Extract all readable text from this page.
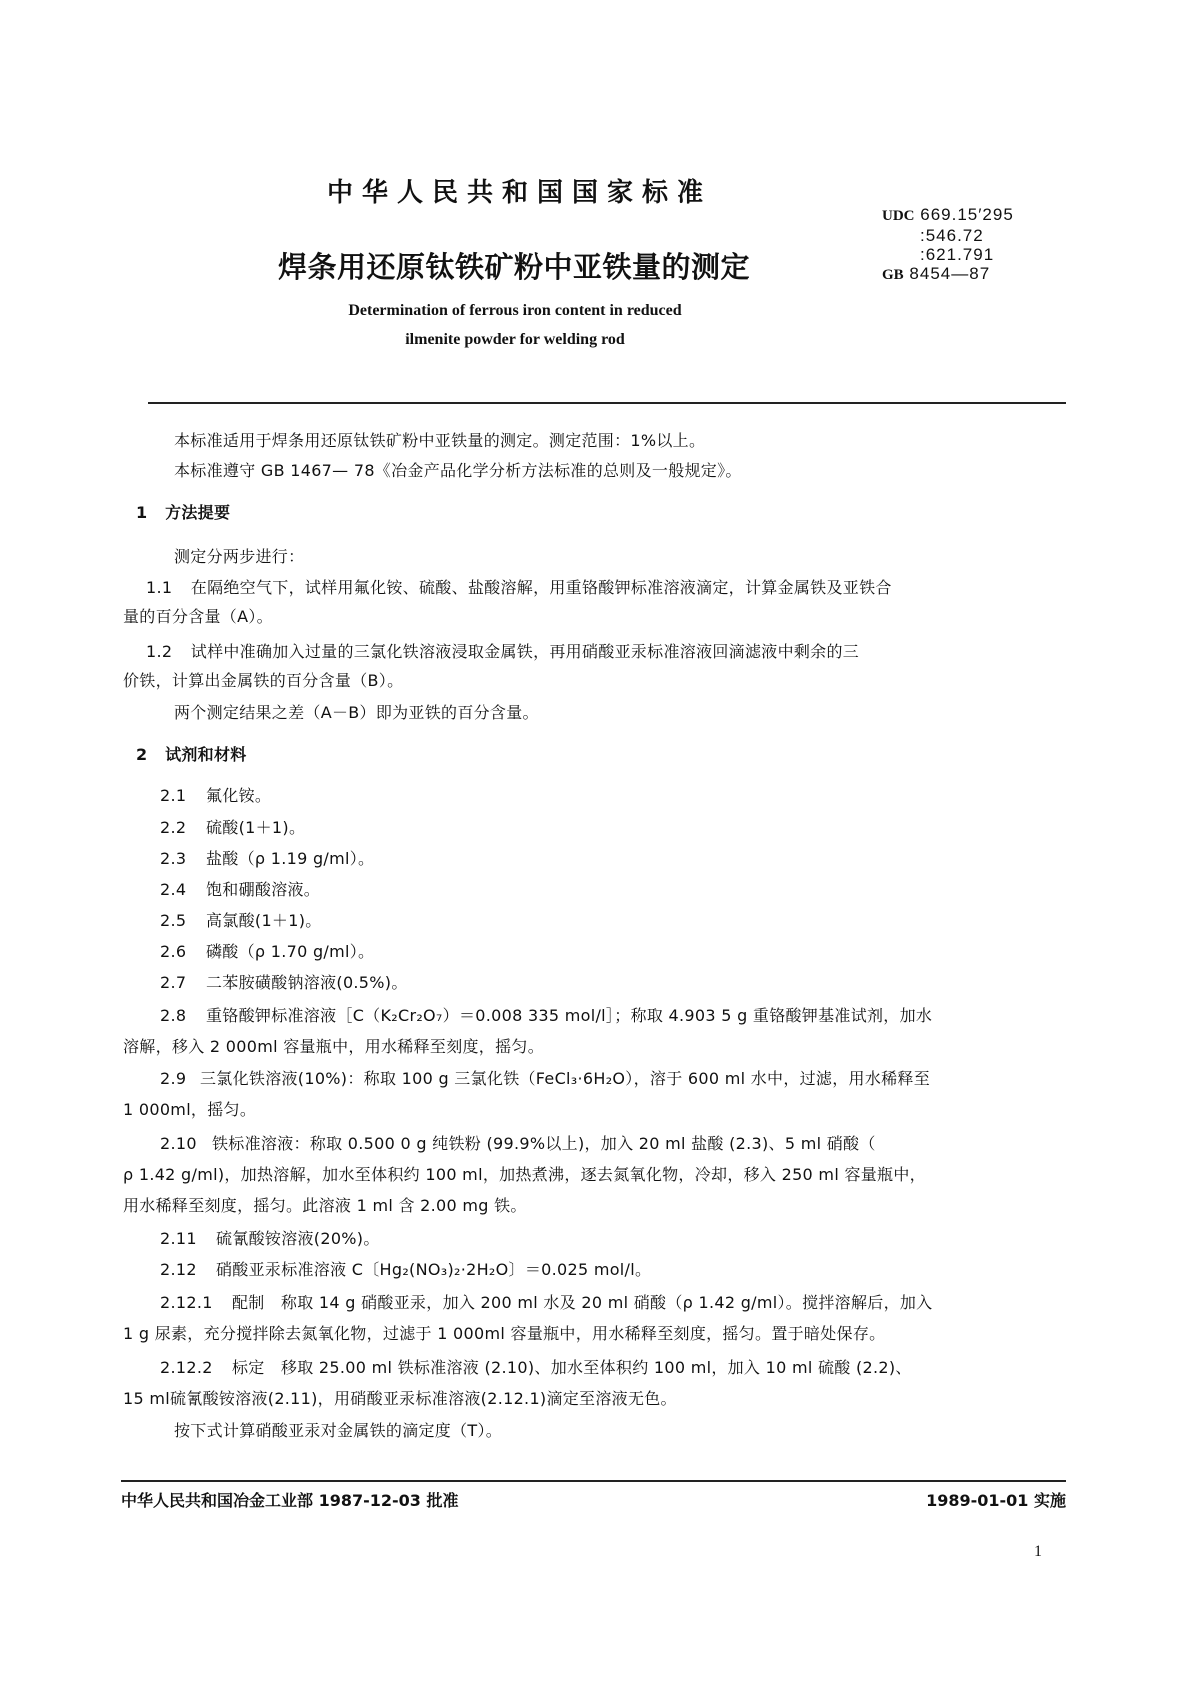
中华人民共和国国家标准
焊条用还原钛铁矿粉中亚铁量的测定
Determination of ferrous iron content in reduced
ilmenite powder for welding rod
UDC 669.15′295
:546.72
:621.791
GB 8454—87
本标准适用于焊条用还原钛铁矿粉中亚铁量的测定。测定范围：1%以上。
本标准遵守 GB 1467— 78《冶金产品化学分析方法标准的总则及一般规定》。
1 方法提要
测定分两步进行：
1.1 在隔绝空气下，试样用氟化铵、硫酸、盐酸溶解，用重铬酸钾标准溶液滴定，计算金属铁及亚铁合
量的百分含量（A）。
1.2 试样中准确加入过量的三氯化铁溶液浸取金属铁，再用硝酸亚汞标准溶液回滴滤液中剩余的三
价铁，计算出金属铁的百分含量（B）。
两个测定结果之差（A－B）即为亚铁的百分含量。
2 试剂和材料
2.1 氟化铵。
2.2 硫酸(1＋1)。
2.3 盐酸（ρ 1.19 g/ml）。
2.4 饱和硼酸溶液。
2.5 高氯酸(1＋1)。
2.6 磷酸（ρ 1.70 g/ml）。
2.7 二苯胺磺酸钠溶液(0.5%)。
2.8 重铬酸钾标准溶液［C（K₂Cr₂O₇）＝0.008 335 mol/l］；称取 4.903 5 g 重铬酸钾基准试剂，加水
溶解，移入 2 000ml 容量瓶中，用水稀释至刻度，摇匀。
2.9 三氯化铁溶液(10%)：称取 100 g 三氯化铁（FeCl₃·6H₂O），溶于 600 ml 水中，过滤，用水稀释至
1 000ml，摇匀。
2.10 铁标准溶液：称取 0.500 0 g 纯铁粉 (99.9%以上)，加入 20 ml 盐酸 (2.3)、5 ml 硝酸（
ρ 1.42 g/ml)，加热溶解，加水至体积约 100 ml，加热煮沸，逐去氮氧化物，冷却，移入 250 ml 容量瓶中，
用水稀释至刻度，摇匀。此溶液 1 ml 含 2.00 mg 铁。
2.11 硫氰酸铵溶液(20%)。
2.12 硝酸亚汞标准溶液 C〔Hg₂(NO₃)₂·2H₂O〕＝0.025 mol/l。
2.12.1 配制　称取 14 g 硝酸亚汞，加入 200 ml 水及 20 ml 硝酸（ρ 1.42 g/ml）。搅拌溶解后，加入
1 g 尿素，充分搅拌除去氮氧化物，过滤于 1 000ml 容量瓶中，用水稀释至刻度，摇匀。置于暗处保存。
2.12.2 标定　移取 25.00 ml 铁标准溶液 (2.10)、加水至体积约 100 ml，加入 10 ml 硫酸 (2.2)、
15 ml硫氰酸铵溶液(2.11)，用硝酸亚汞标准溶液(2.12.1)滴定至溶液无色。
按下式计算硝酸亚汞对金属铁的滴定度（T）。
中华人民共和国冶金工业部 1987-12-03 批准	1989-01-01 实施
1
